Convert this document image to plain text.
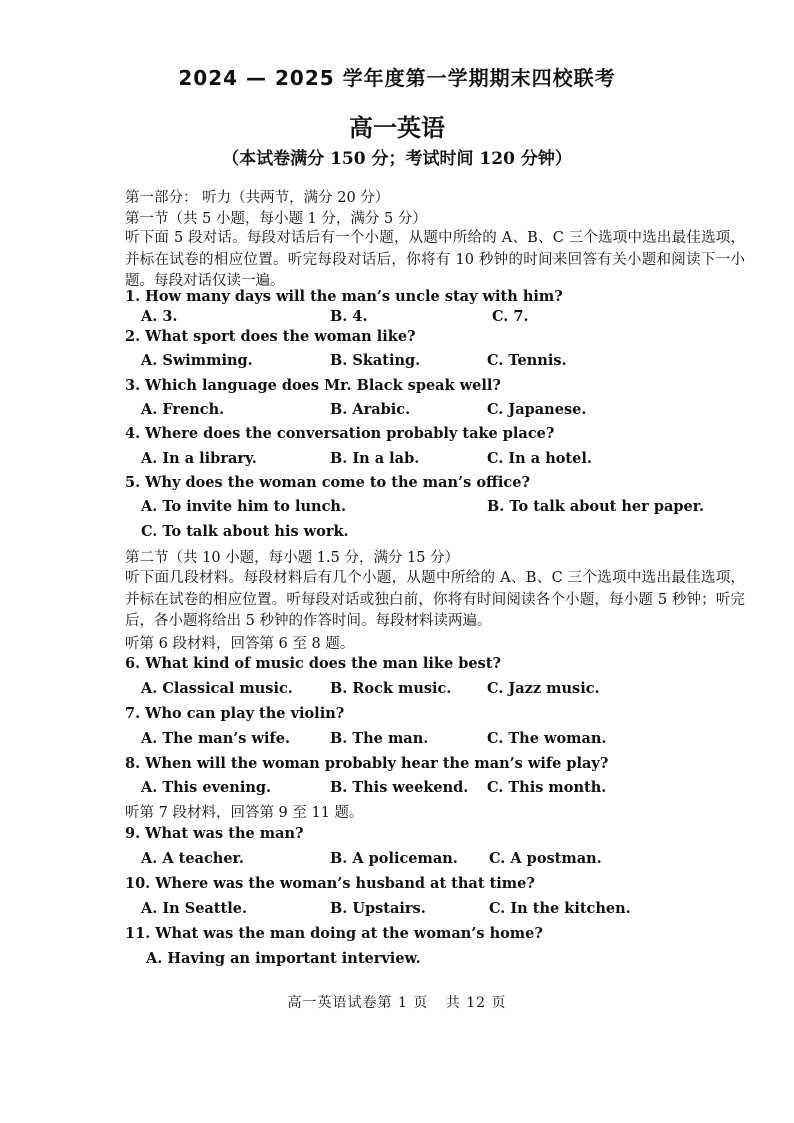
2024 — 2025 学年度第一学期期末四校联考
高一英语
（本试卷满分 150 分；考试时间 120 分钟）
第一部分： 听力（共两节，满分 20 分）
第一节（共 5 小题，每小题 1 分，满分 5 分）
听下面 5 段对话。每段对话后有一个小题，从题中所给的 A、B、C 三个选项中选出最佳选项，并标在试卷的相应位置。听完每段对话后，你将有 10 秒钟的时间来回答有关小题和阅读下一小题。每段对话仅读一遍。
1. How many days will the man’s uncle stay with him?
A. 3.	B. 4.	C. 7.
2. What sport does the woman like?
A. Swimming.	B. Skating.	C. Tennis.
3. Which language does Mr. Black speak well?
A. French.	B. Arabic.	C. Japanese.
4. Where does the conversation probably take place?
A. In a library.	B. In a lab.	C. In a hotel.
5. Why does the woman come to the man’s office?
A. To invite him to lunch.	B. To talk about her paper.
C. To talk about his work.
第二节（共 10 小题，每小题 1.5 分，满分 15 分）
听下面几段材料。每段材料后有几个小题，从题中所给的 A、B、C 三个选项中选出最佳选项，并标在试卷的相应位置。听每段对话或独白前，你将有时间阅读各个小题，每小题 5 秒钟；听完后，各小题将给出 5 秒钟的作答时间。每段材料读两遍。
听第 6 段材料，回答第 6 至 8 题。
6. What kind of music does the man like best?
A. Classical music.	B. Rock music. C. Jazz music.
7. Who can play the violin?
A. The man’s wife.	B. The man.	C. The woman.
8. When will the woman probably hear the man’s wife play?
A. This evening.	B. This weekend. C. This month.
听第 7 段材料，回答第 9 至 11 题。
9. What was the man?
A. A teacher.	B. A policeman. C. A postman.
10. Where was the woman’s husband at that time?
A. In Seattle.	B. Upstairs.	C. In the kitchen.
11. What was the man doing at the woman’s home?
A. Having an important interview.
高一英语试卷第 1 页 共 12 页
